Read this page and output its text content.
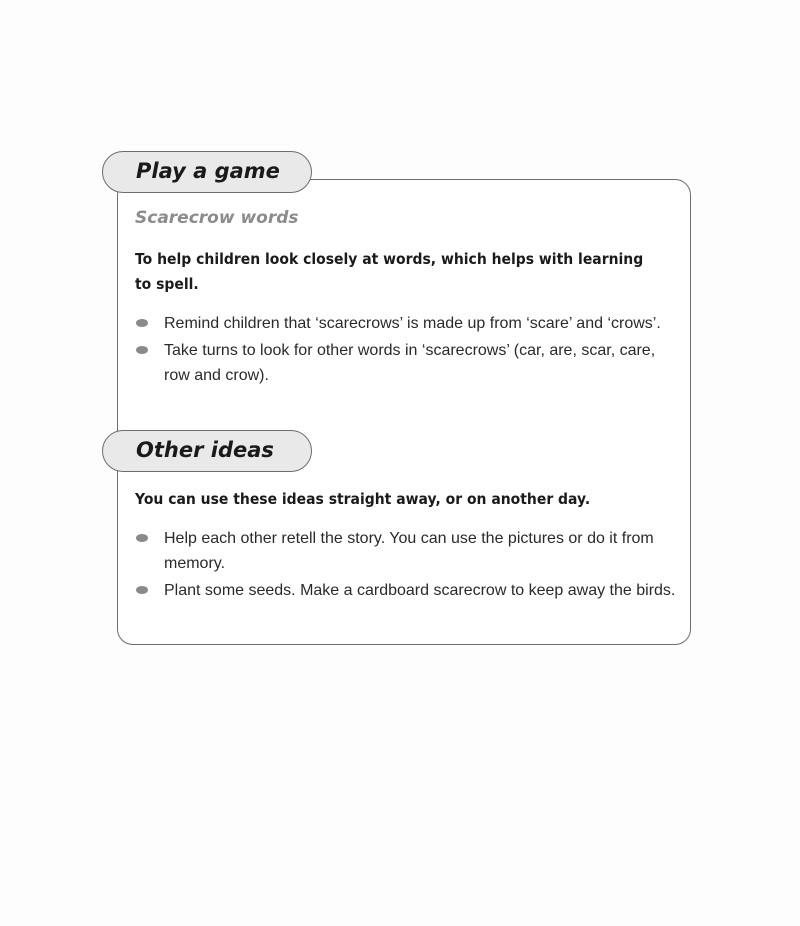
Play a game
Scarecrow words
To help children look closely at words, which helps with learning to spell.
Remind children that ‘scarecrows’ is made up from ‘scare’ and ‘crows’.
Take turns to look for other words in ‘scarecrows’ (car, are, scar, care, row and crow).
Other ideas
You can use these ideas straight away, or on another day.
Help each other retell the story. You can use the pictures or do it from memory.
Plant some seeds. Make a cardboard scarecrow to keep away the birds.
